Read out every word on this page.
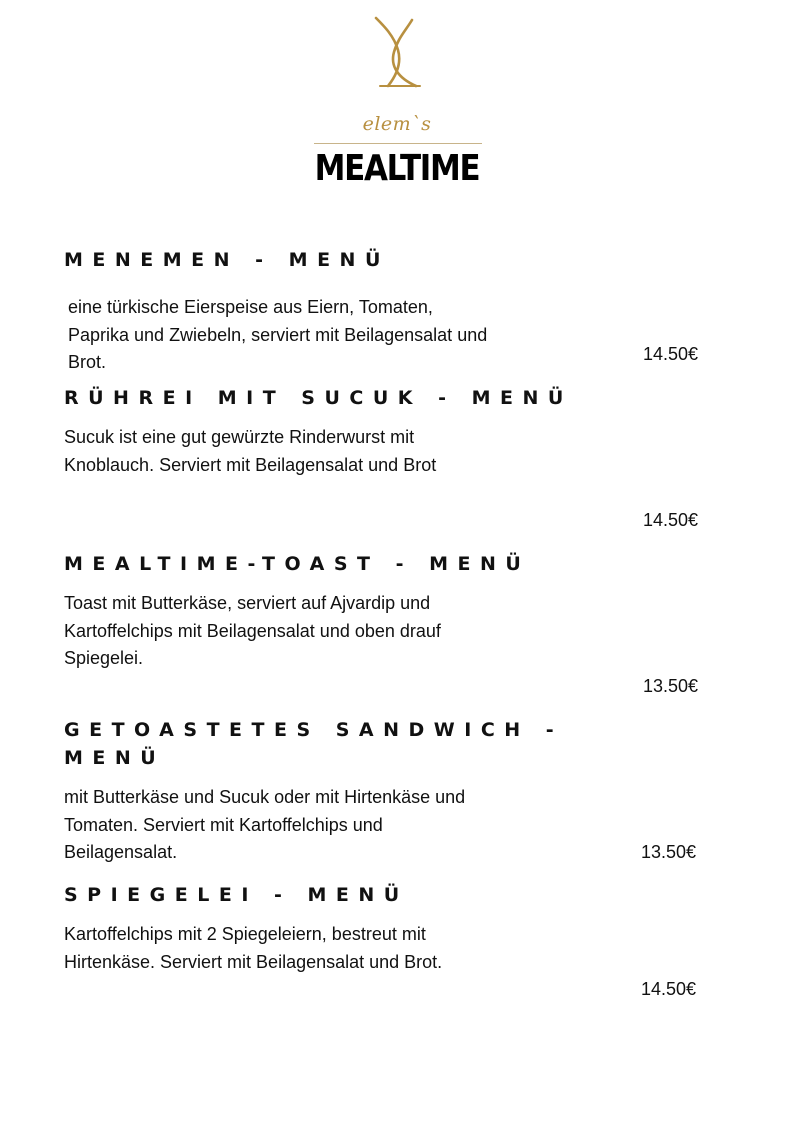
elem`s
MEALTIME
MENEMEN - MENÜ
eine türkische Eierspeise aus Eiern, Tomaten, Paprika und Zwiebeln, serviert mit Beilagensalat und Brot.	14.50€
RÜHREI MIT SUCUK - MENÜ
Sucuk ist eine gut gewürzte Rinderwurst mit Knoblauch. Serviert mit Beilagensalat und Brot
14.50€
MEALTIME-TOAST - MENÜ
Toast mit Butterkäse, serviert auf Ajvardip und Kartoffelchips mit Beilagensalat und oben drauf Spiegelei.
13.50€
GETOASTETES SANDWICH - MENÜ
mit Butterkäse und Sucuk oder mit Hirtenkäse und Tomaten. Serviert mit Kartoffelchips und Beilagensalat.	13.50€
SPIEGELEI - MENÜ
Kartoffelchips mit 2 Spiegeleiern, bestreut mit Hirtenkäse. Serviert mit Beilagensalat und Brot.
14.50€
